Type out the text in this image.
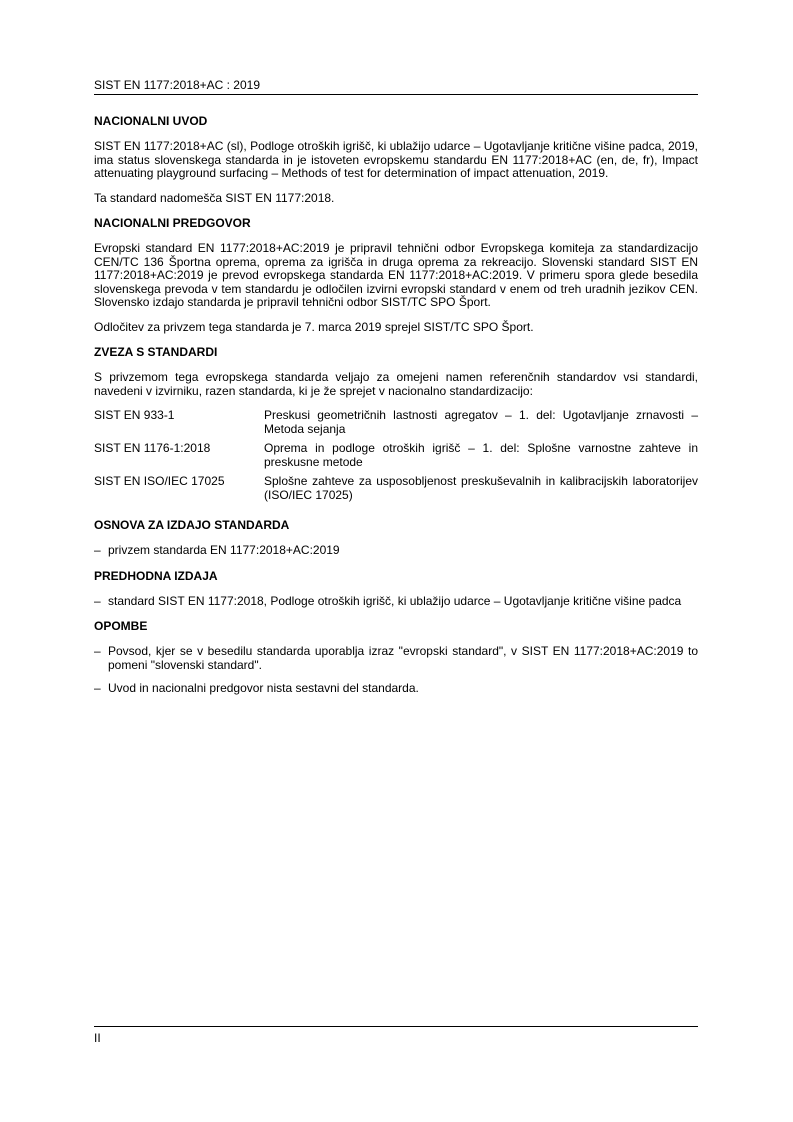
SIST EN 1177:2018+AC : 2019
NACIONALNI UVOD

SIST EN 1177:2018+AC (sl), Podloge otroških igrišč, ki ublažijo udarce – Ugotavljanje kritične višine padca, 2019, ima status slovenskega standarda in je istoveten evropskemu standardu EN 1177:2018+AC (en, de, fr), Impact attenuating playground surfacing – Methods of test for determination of impact attenuation, 2019.

Ta standard nadomešča SIST EN 1177:2018.

NACIONALNI PREDGOVOR

Evropski standard EN 1177:2018+AC:2019 je pripravil tehnični odbor Evropskega komiteja za standardizacijo CEN/TC 136 Športna oprema, oprema za igrišča in druga oprema za rekreacijo. Slovenski standard SIST EN 1177:2018+AC:2019 je prevod evropskega standarda EN 1177:2018+AC:2019. V primeru spora glede besedila slovenskega prevoda v tem standardu je odločilen izvirni evropski standard v enem od treh uradnih jezikov CEN. Slovensko izdajo standarda je pripravil tehnični odbor SIST/TC SPO Šport.

Odločitev za privzem tega standarda je 7. marca 2019 sprejel SIST/TC SPO Šport.

ZVEZA S STANDARDI

S privzemom tega evropskega standarda veljajo za omejeni namen referenčnih standardov vsi standardi, navedeni v izvirniku, razen standarda, ki je že sprejet v nacionalno standardizacijo:

SIST EN 933-1	Preskusi geometričnih lastnosti agregatov – 1. del: Ugotavljanje zrnavosti – Metoda sejanja
SIST EN 1176-1:2018	Oprema in podloge otroških igrišč – 1. del: Splošne varnostne zahteve in preskusne metode
SIST EN ISO/IEC 17025	Splošne zahteve za usposobljenost preskuševalnih in kalibracijskih laboratorijev (ISO/IEC 17025)
OSNOVA ZA IZDAJO STANDARDA
– privzem standarda EN 1177:2018+AC:2019
PREDHODNA IZDAJA
– standard SIST EN 1177:2018, Podloge otroških igrišč, ki ublažijo udarce – Ugotavljanje kritične višine padca
OPOMBE
– Povsod, kjer se v besedilu standarda uporablja izraz "evropski standard", v SIST EN 1177:2018+AC:2019 to pomeni "slovenski standard".
– Uvod in nacionalni predgovor nista sestavni del standarda.
II
